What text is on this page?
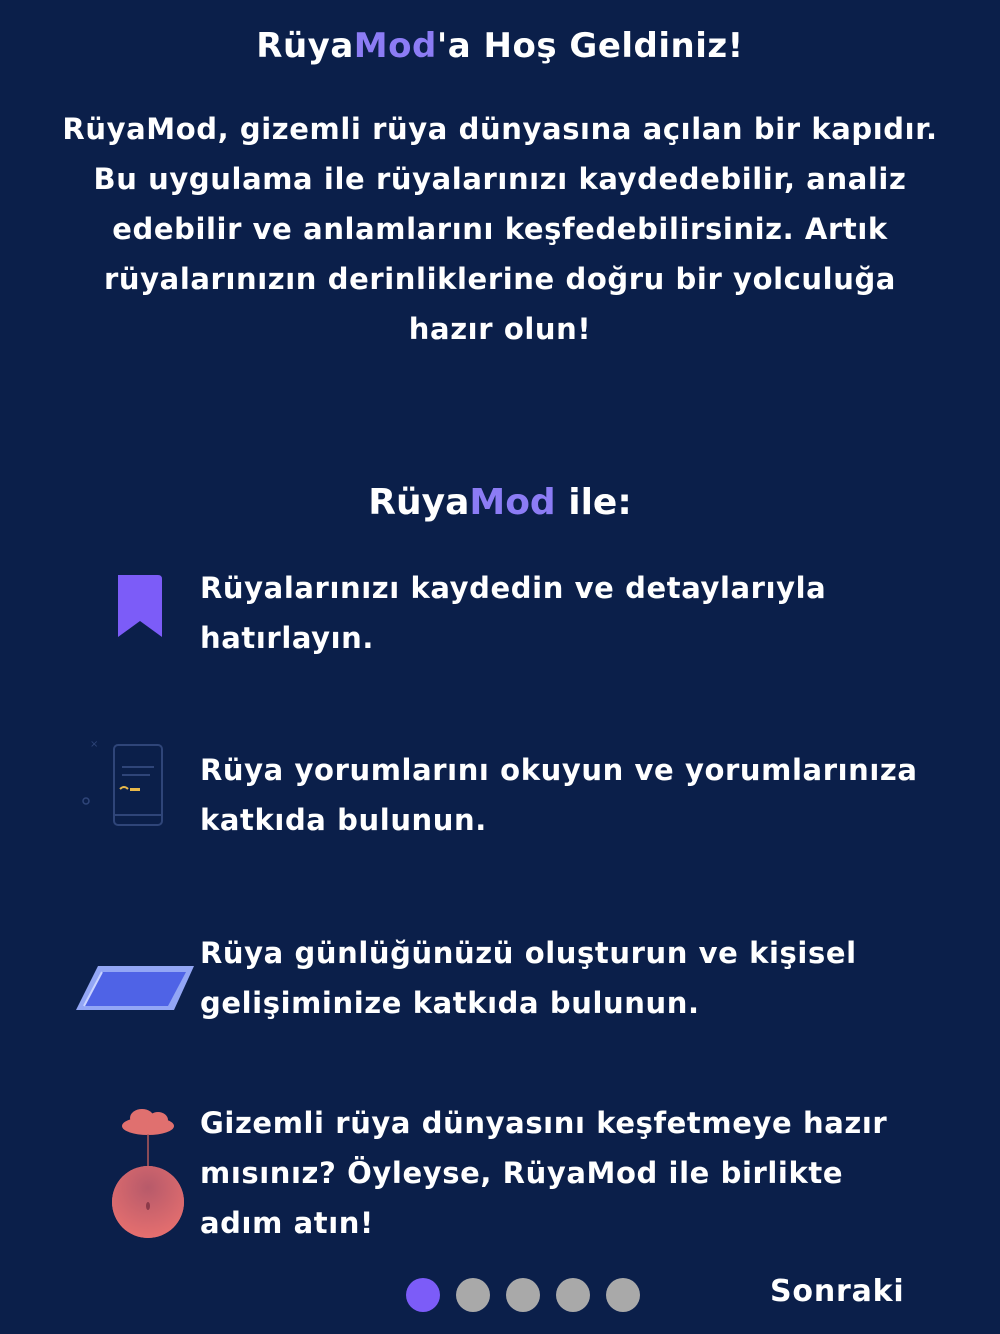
RüyaMod'a Hoş Geldiniz!
RüyaMod, gizemli rüya dünyasına açılan bir kapıdır. Bu uygulama ile rüyalarınızı kaydedebilir, analiz edebilir ve anlamlarını keşfedebilirsiniz. Artık rüyalarınızın derinliklerine doğru bir yolculuğa hazır olun!
RüyaMod ile:
Rüyalarınızı kaydedin ve detaylarıyla hatırlayın.
×
Rüya yorumlarını okuyun ve yorumlarınıza katkıda bulunun.
Rüya günlüğünüzü oluşturun ve kişisel gelişiminize katkıda bulunun.
Gizemli rüya dünyasını keşfetmeye hazır mısınız? Öyleyse, RüyaMod ile birlikte adım atın!
Sonraki
